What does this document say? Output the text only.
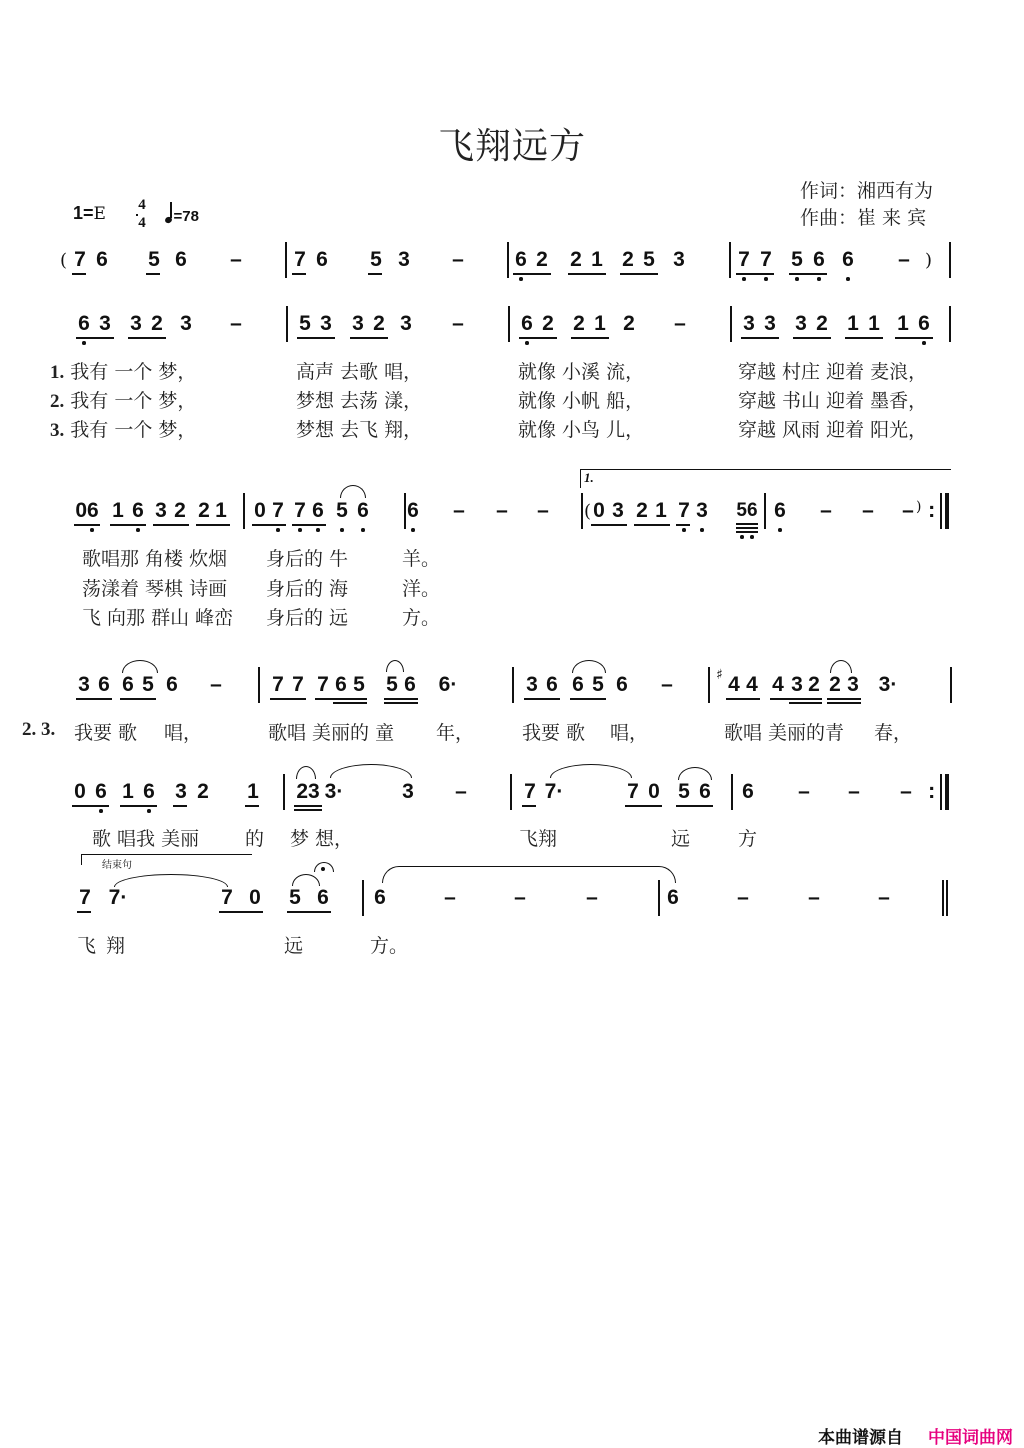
飞翔远方
作词：湘西有为
作曲：崔 来 宾
1=E 4
4	=78
( 7 6 5 6 – 7 6 5 3 – 6 2 2 1 2 5 3	7 7 5 6 6 – )
6 3 3 2 3 –	5 3 3 2 3 –	6 2 2 1 2 –	3 3 3 2 1 1 1 6
1. 我有 一个 梦，	高声 去歌 唱，	就像 小溪 流，	穿越 村庄 迎着 麦浪，
2. 我有 一个 梦，	梦想 去荡 漾，	就像 小帆 船，	穿越 书山 迎着 墨香，
3. 我有 一个 梦，	梦想 去飞 翔，	就像 小鸟 儿，	穿越 风雨 迎着 阳光，
1.
06 1 6 3 2 2 1 0 7 7 6 5 6 6 – – – ( 0 3 2 1 7 3 56 6 – – – ) :
歌唱那 角楼 炊烟 身后的 牛	羊。
荡漾着 琴棋 诗画 身后的 海	洋。
飞 向那 群山 峰峦 身后的 远	方。
3 6 6 5 6 – 7 7 7 6 5 5 6 6·	3 6 6 5 6 –	♯ 4 4 4 3 2 2 3 3·
2. 3. 我要 歌 唱，	歌唱 美丽的 童 年，	我要 歌 唱，	歌唱 美丽的青 春，
0 6 1 6 3 2 1 23 3·	3 –	7 7·	7 0 5 6 6 – – – :
歌 唱我 美丽 的 梦 想，	飞翔	远	方
结束句
7 7·	7 0 5 6 6	–	–	–	6	–	–	–
飞 翔	远	方。
本曲谱源自 中国词曲网
